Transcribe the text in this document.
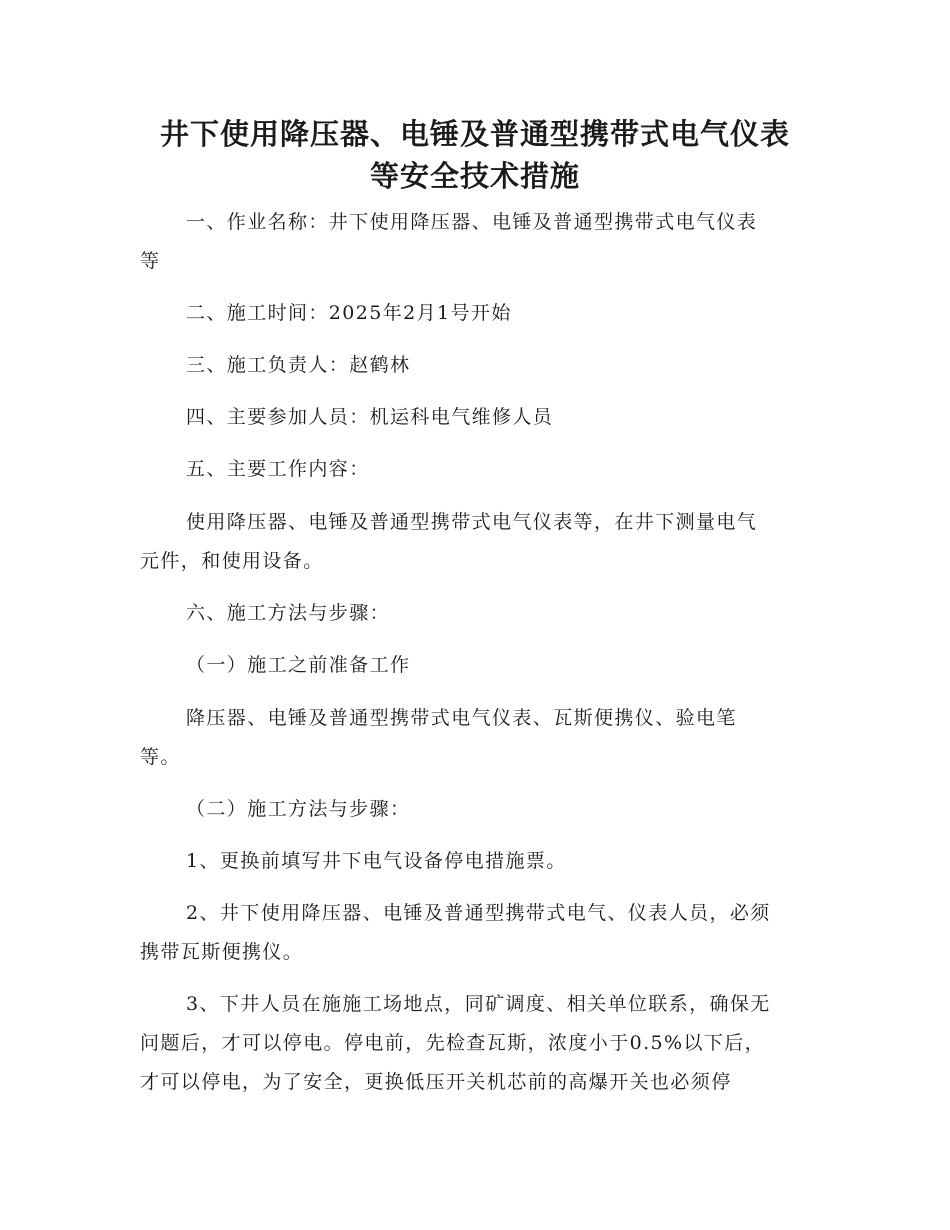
井下使用降压器、电锤及普通型携带式电气仪表
等安全技术措施
一、作业名称：井下使用降压器、电锤及普通型携带式电气仪表
等
二、施工时间：2025年2月1号开始
三、施工负责人：赵鹤林
四、主要参加人员：机运科电气维修人员
五、主要工作内容：
使用降压器、电锤及普通型携带式电气仪表等，在井下测量电气
元件，和使用设备。
六、施工方法与步骤：
（一）施工之前准备工作
降压器、电锤及普通型携带式电气仪表、瓦斯便携仪、验电笔
等。
（二）施工方法与步骤：
1、更换前填写井下电气设备停电措施票。
2、井下使用降压器、电锤及普通型携带式电气、仪表人员，必须
携带瓦斯便携仪。
3、下井人员在施施工场地点，同矿调度、相关单位联系，确保无
问题后，才可以停电。停电前，先检查瓦斯，浓度小于0.5%以下后，
才可以停电，为了安全，更换低压开关机芯前的高爆开关也必须停
